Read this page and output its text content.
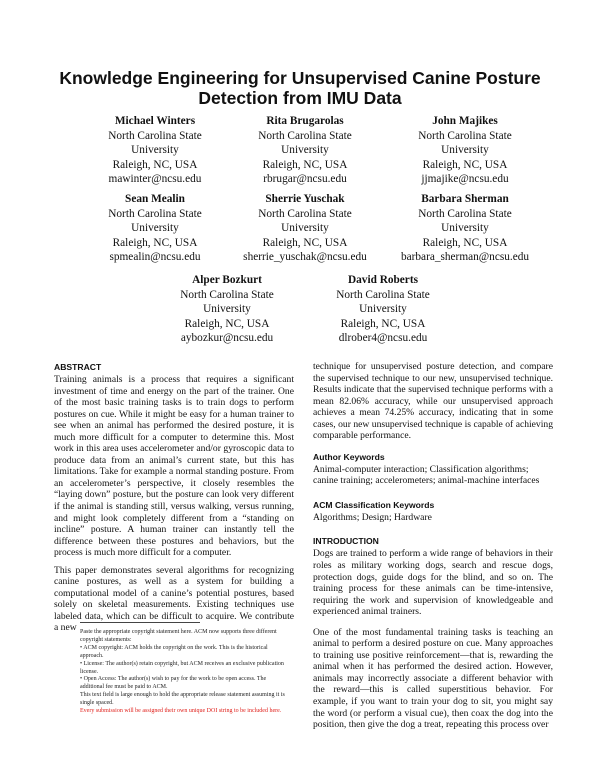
Knowledge Engineering for Unsupervised Canine Posture Detection from IMU Data
Michael Winters
North Carolina State
University
Raleigh, NC, USA
mawinter@ncsu.edu
Rita Brugarolas
North Carolina State
University
Raleigh, NC, USA
rbrugar@ncsu.edu
John Majikes
North Carolina State
University
Raleigh, NC, USA
jjmajike@ncsu.edu
Sean Mealin
North Carolina State
University
Raleigh, NC, USA
spmealin@ncsu.edu
Sherrie Yuschak
North Carolina State
University
Raleigh, NC, USA
sherrie_yuschak@ncsu.edu
Barbara Sherman
North Carolina State
University
Raleigh, NC, USA
barbara_sherman@ncsu.edu
Alper Bozkurt
North Carolina State
University
Raleigh, NC, USA
aybozkur@ncsu.edu
David Roberts
North Carolina State
University
Raleigh, NC, USA
dlrober4@ncsu.edu
ABSTRACT

Training animals is a process that requires a significant investment of time and energy on the part of the trainer. One of the most basic training tasks is to train dogs to perform postures on cue. While it might be easy for a human trainer to see when an animal has performed the desired posture, it is much more difficult for a computer to determine this. Most work in this area uses accelerometer and/or gyroscopic data to produce data from an animal’s current state, but this has limitations. Take for example a normal standing posture. From an accelerometer’s perspective, it closely resembles the “laying down” posture, but the posture can look very different if the animal is standing still, versus walking, versus running, and might look completely different from a “standing on incline” posture. A human trainer can instantly tell the difference between these postures and behaviors, but the process is much more difficult for a computer.

This paper demonstrates several algorithms for recognizing canine postures, as well as a system for building a computational model of a canine’s potential postures, based solely on skeletal measurements. Existing techniques use labeled data, which can be difficult to acquire. We contribute a new

technique for unsupervised posture detection, and compare the supervised technique to our new, unsupervised technique. Results indicate that the supervised technique performs with a mean 82.06% accuracy, while our unsupervised approach achieves a mean 74.25% accuracy, indicating that in some cases, our new unsupervised technique is capable of achieving comparable performance.

Author Keywords

Animal-computer interaction; Classification algorithms; canine training; accelerometers; animal-machine interfaces

ACM Classification Keywords

Algorithms; Design; Hardware

INTRODUCTION

Dogs are trained to perform a wide range of behaviors in their roles as military working dogs, search and rescue dogs, protection dogs, guide dogs for the blind, and so on. The training process for these animals can be time-intensive, requiring the work and supervision of knowledgeable and experienced animal trainers.

One of the most fundamental training tasks is teaching an animal to perform a desired posture on cue. Many approaches to training use positive reinforcement—that is, rewarding the animal when it has performed the desired action. However, animals may incorrectly associate a different behavior with the reward—this is called superstitious behavior. For example, if you want to train your dog to sit, you might say the word (or perform a visual cue), then coax the dog into the position, then give the dog a treat, repeating this process over

Paste the appropriate copyright statement here. ACM now supports three different copyright statements:
• ACM copyright: ACM holds the copyright on the work. This is the historical approach.
• License: The author(s) retain copyright, but ACM receives an exclusive publication license.
• Open Access: The author(s) wish to pay for the work to be open access. The additional fee must be paid to ACM.
This text field is large enough to hold the appropriate release statement assuming it is single spaced.
Every submission will be assigned their own unique DOI string to be included here.
